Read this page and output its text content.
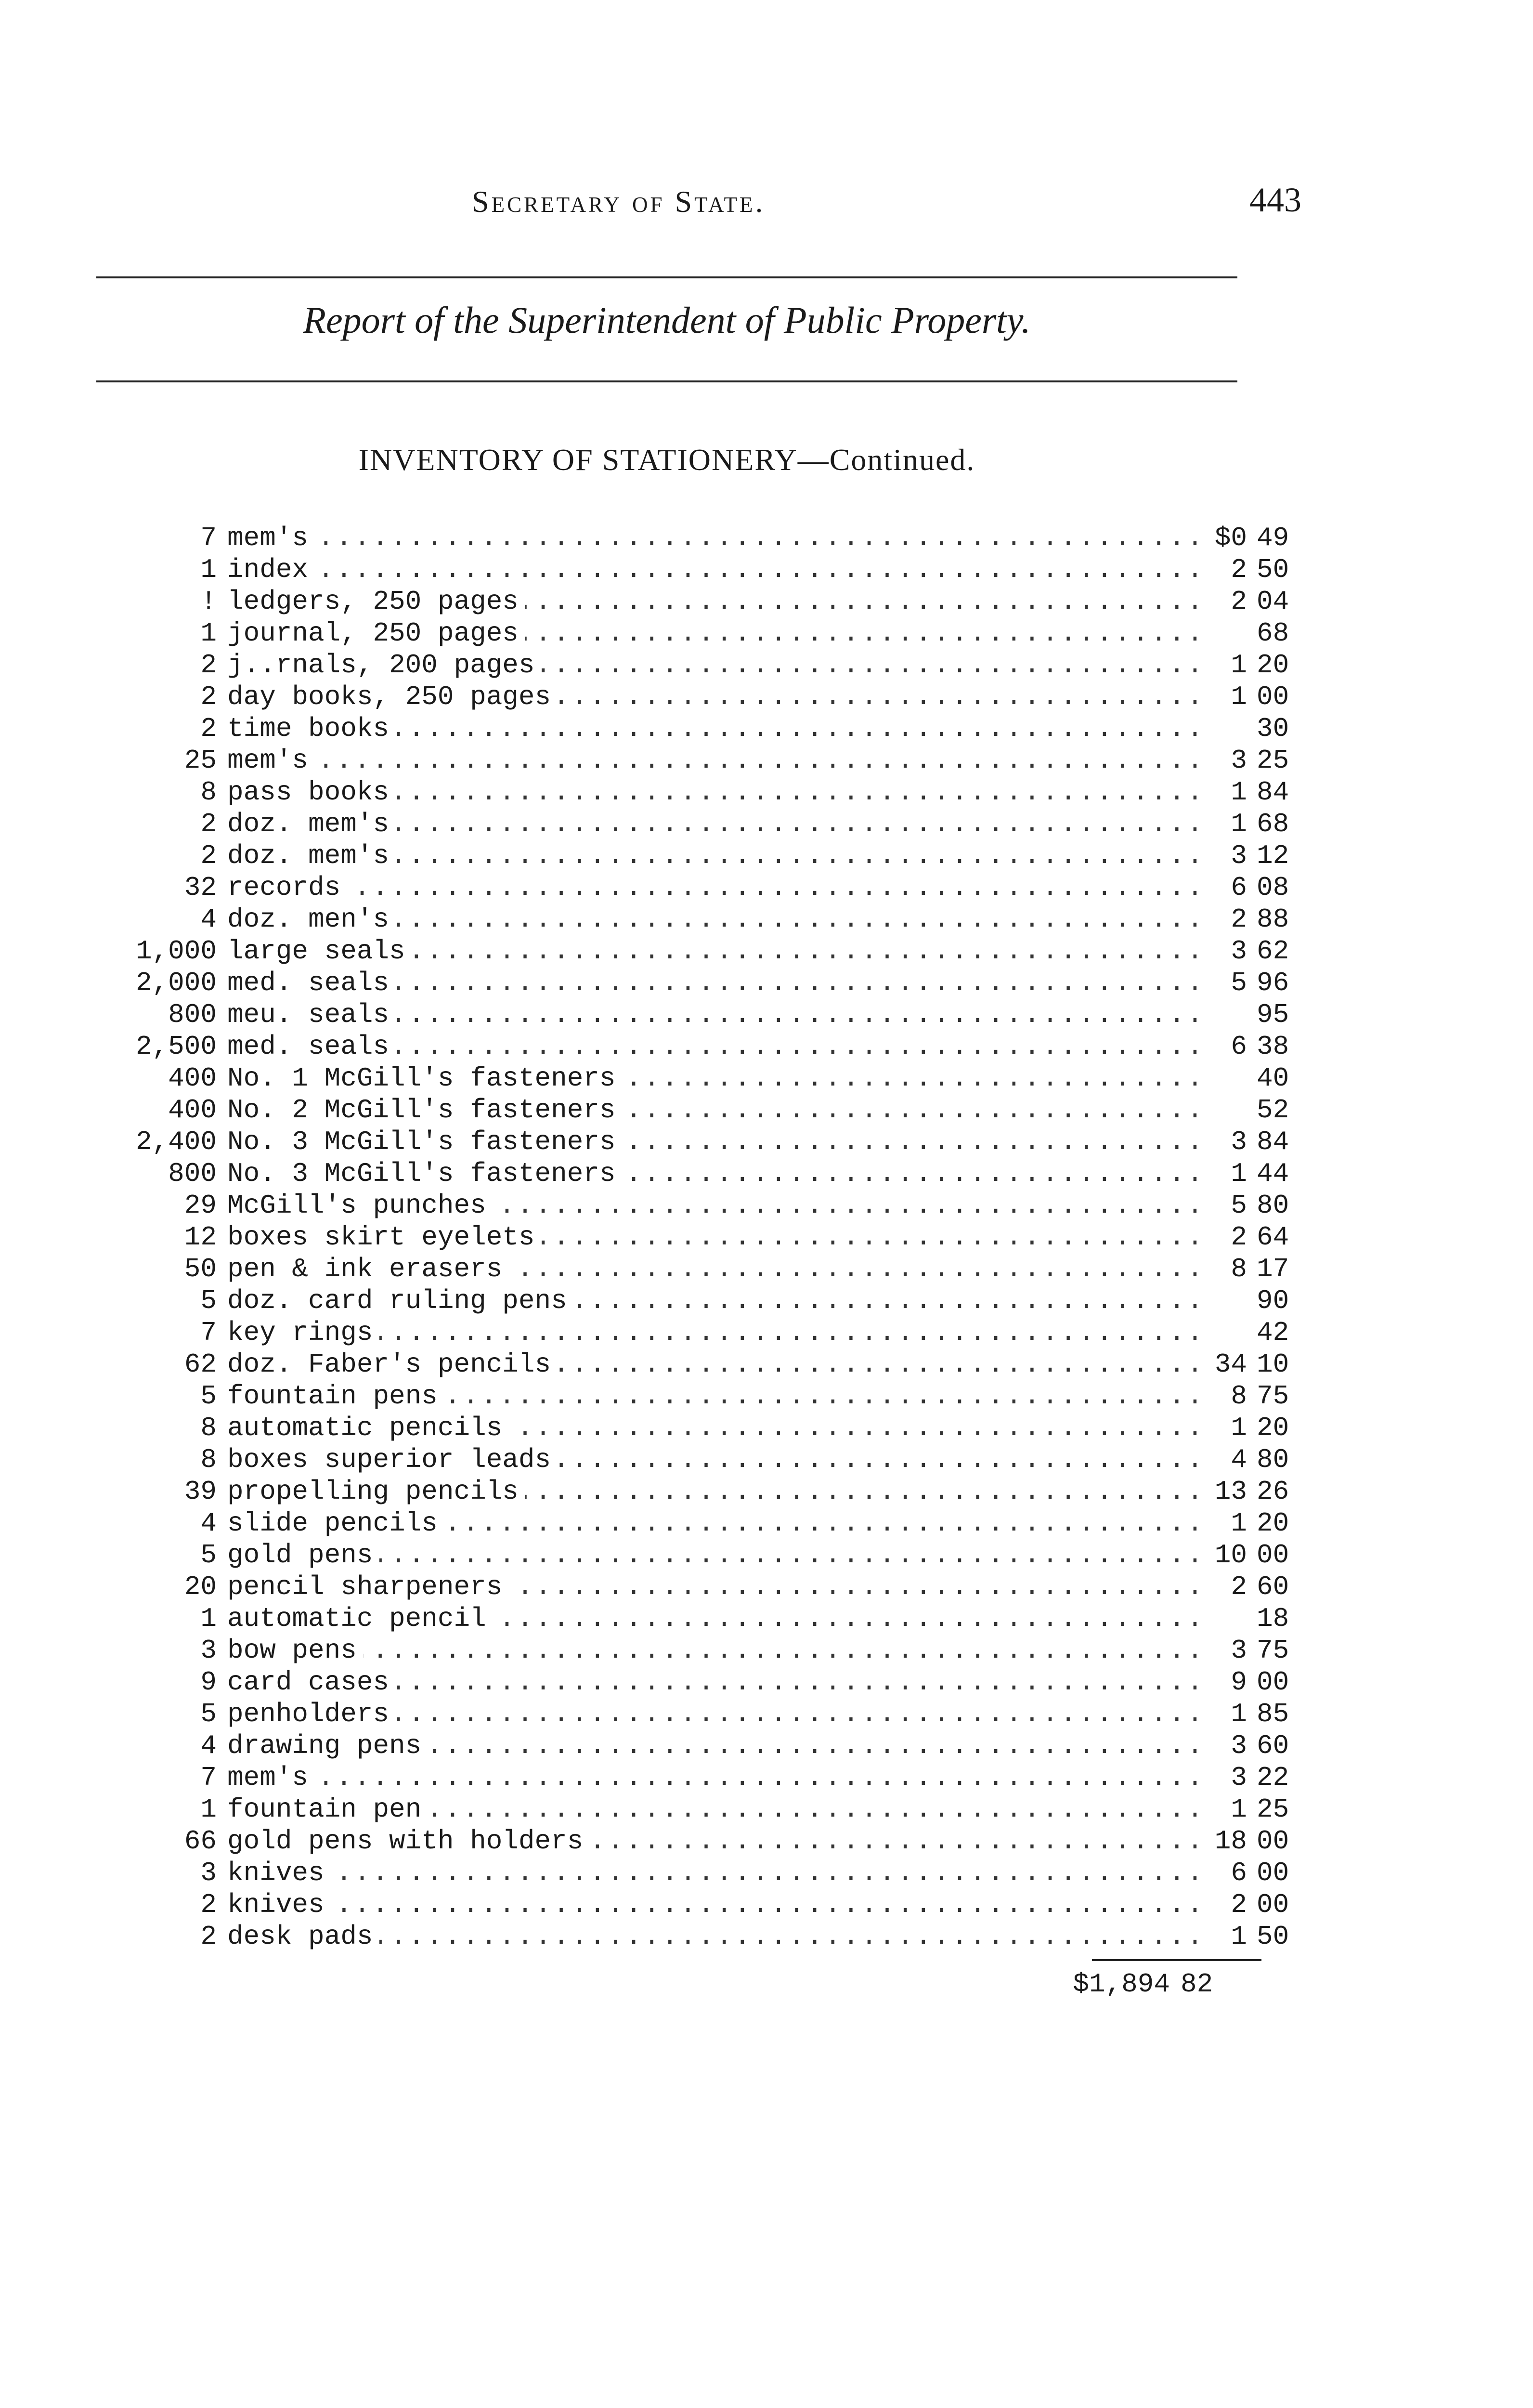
Secretary of State.	443
Report of the Superintendent of Public Property.
INVENTORY OF STATIONERY—Continued.
7 ..... mem's	$0 49
1 ..... index	2 50
! ..... ledgers, 250 pages	2 04
1 ..... journal, 250 pages	68
2 ..... j..rnals, 200 pages	1 20
2 ..... day books, 250 pages	1 00
2 ..... time books	30
25 ..... mem's	3 25
8 ..... pass books	1 84
2 ..... doz. mem's	1 68
2 ..... doz. mem's	3 12
32 ..... records	6 08
4 ..... doz. men's	2 88
1,000 ..... large seals	3 62
2,000 ..... med. seals	5 96
800 ..... meu. seals	95
2,500 ..... med. seals	6 38
400 ..... No. 1 McGill's fasteners	40
400 ..... No. 2 McGill's fasteners	52
2,400 ..... No. 3 McGill's fasteners	3 84
800 ..... No. 3 McGill's fasteners	1 44
29 ..... McGill's punches	5 80
12 ..... boxes skirt eyelets	2 64
50 ..... pen & ink erasers	8 17
5 ..... doz. card ruling pens	90
7 ..... key rings	42
62 ..... doz. Faber's pencils	34 10
5 ..... fountain pens	8 75
8 ..... automatic pencils	1 20
8 ..... boxes superior leads	4 80
39 ..... propelling pencils	13 26
4 ..... slide pencils	1 20
5 ..... gold pens	10 00
20 ..... pencil sharpeners	2 60
1 ..... automatic pencil	18
3 ..... bow pens	3 75
9 ..... card cases	9 00
5 ..... penholders	1 85
4 ..... drawing pens	3 60
7 ..... mem's	3 22
1 ..... fountain pen	1 25
66 ..... gold pens with holders	18 00
3 ..... knives	6 00
2 ..... knives	2 00
2 ..... desk pads	1 50
$1,894 82
